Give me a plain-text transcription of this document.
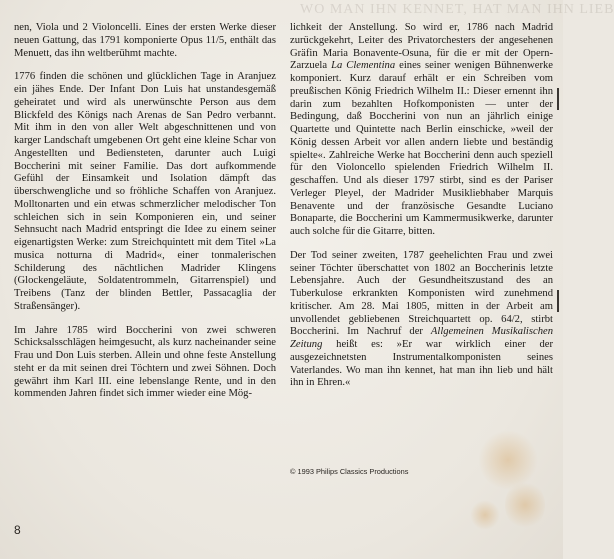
WO MAN IHN KENNET, HAT MAN IHN LIEB

nen, Viola und 2 Violoncelli. Eines der ersten Werke dieser neuen Gattung, das 1791 komponierte Opus 11/5, enthält das Menuett, das ihn weltberühmt machte.

1776 finden die schönen und glücklichen Tage in Aranjuez ein jähes Ende. Der Infant Don Luis hat unstandesgemäß geheiratet und wird als unerwünschte Person aus dem Blickfeld des Königs nach Arenas de San Pedro verbannt. Mit ihm in den von aller Welt abgeschnittenen und von karger Landschaft umgebenen Ort geht eine kleine Schar von Angestellten und Bediensteten, darunter auch Luigi Boccherini mit seiner Familie. Das dort aufkommende Gefühl der Einsamkeit und Isolation dämpft das überschwengliche und so fröhliche Schaffen von Aranjuez. Molltonarten und ein etwas schmerzlicher melodischer Ton schleichen sich in sein Komponieren ein, und seiner Sehnsucht nach Madrid entspringt die Idee zu einem seiner eigenartigsten Werke: zum Streichquintett mit dem Titel »La musica notturna di Madrid«, einer tonmalerischen Schilderung des nächtlichen Madrider Klingens (Glockengeläute, Soldatentrommeln, Gitarrenspiel) und Treibens (Tanz der blinden Bettler, Passacaglia der Straßensänger).

Im Jahre 1785 wird Boccherini von zwei schweren Schicksalsschlägen heimgesucht, als kurz nacheinander seine Frau und Don Luis sterben. Allein und ohne feste Anstellung steht er da mit seinen drei Töchtern und zwei Söhnen. Doch gewährt ihm Karl III. eine lebenslange Rente, und in den kommenden Jahren findet sich immer wieder eine Mög-

lichkeit der Anstellung. So wird er, 1786 nach Madrid zurückgekehrt, Leiter des Privatorchesters der angesehenen Gräfin Maria Bonavente-Osuna, für die er mit der Opern-Zarzuela La Clementina eines seiner wenigen Bühnenwerke komponiert. Kurz darauf erhält er ein Schreiben vom preußischen König Friedrich Wilhelm II.: Dieser ernennt ihn darin zum bezahlten Hofkomponisten — unter der Bedingung, daß Boccherini von nun an jährlich einige Quartette und Quintette nach Berlin einschicke, »weil der König dessen Arbeit vor allen andern liebte und beständig spielte«. Zahlreiche Werke hat Boccherini denn auch speziell für den Violoncello spielenden Friedrich Wilhelm II. geschaffen. Und als dieser 1797 stirbt, sind es der Pariser Verleger Pleyel, der Madrider Musikliebhaber Marquis Benavente und der französische Gesandte Luciano Bonaparte, die Boccherini um Kammermusikwerke, darunter auch solche für die Gitarre, bitten.

Der Tod seiner zweiten, 1787 geehelichten Frau und zwei seiner Töchter überschattet von 1802 an Boccherinis letzte Lebensjahre. Auch der Gesundheitszustand des an Tuberkulose erkrankten Komponisten wird zunehmend kritischer. Am 28. Mai 1805, mitten in der Arbeit am unvollendet gebliebenen Streichquartett op. 64/2, stirbt Boccherini. Im Nachruf der Allgemeinen Musikalischen Zeitung heißt es: »Er war wirklich einer der ausgezeichnetsten Instrumentalkomponisten seines Vaterlandes. Wo man ihn kennet, hat man ihn lieb und hält ihn in Ehren.«

© 1993 Philips Classics Productions
8
